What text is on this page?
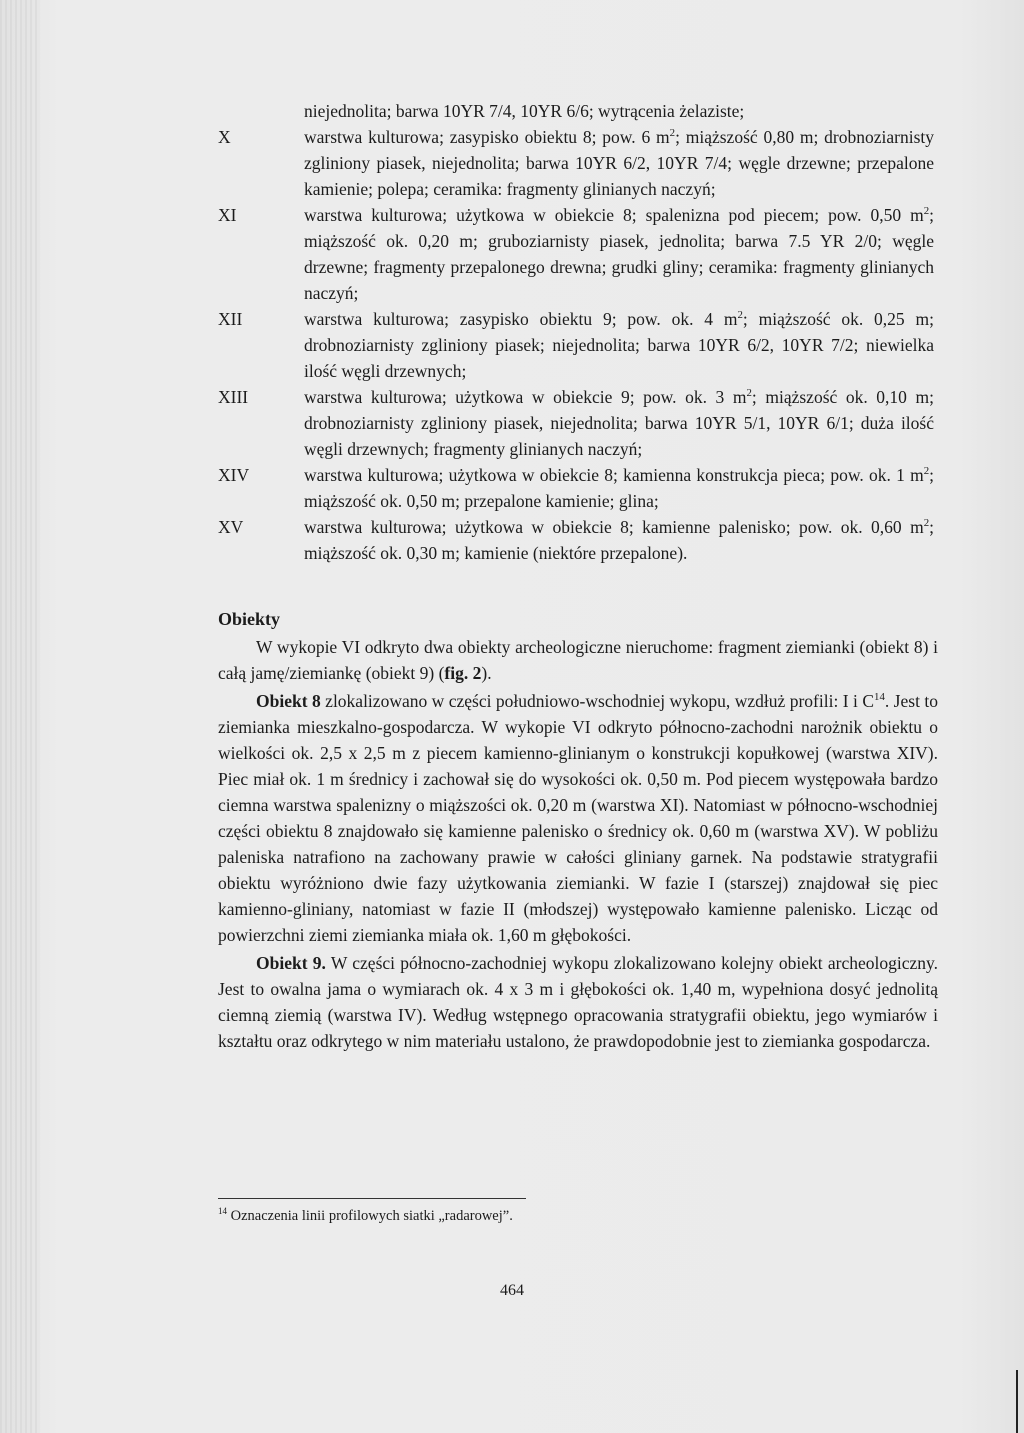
niejednolita; barwa 10YR 7/4, 10YR 6/6; wytrącenia żelaziste;
X	warstwa kulturowa; zasypisko obiektu 8; pow. 6 $m^2$; miąższość 0,80 m; drobnoziarnisty zgliniony piasek, niejednolita; barwa 10YR 6/2, 10YR 7/4; węgle drzewne; przepalone kamienie; polepa; ceramika: fragmenty glinianych naczyń;
XI	warstwa kulturowa; użytkowa w obiekcie 8; spalenizna pod piecem; pow. 0,50 $m^2$; miąższość ok. 0,20 m; gruboziarnisty piasek, jednolita; barwa 7.5 YR 2/0; węgle drzewne; fragmenty przepalonego drewna; grudki gliny; ceramika: fragmenty glinianych naczyń;
XII	warstwa kulturowa; zasypisko obiektu 9; pow. ok. 4 $m^2$; miąższość ok. 0,25 m; drobnoziarnisty zgliniony piasek; niejednolita; barwa 10YR 6/2, 10YR 7/2; niewielka ilość węgli drzewnych;
XIII	warstwa kulturowa; użytkowa w obiekcie 9; pow. ok. 3 $m^2$; miąższość ok. 0,10 m; drobnoziarnisty zgliniony piasek, niejednolita; barwa 10YR 5/1, 10YR 6/1; duża ilość węgli drzewnych; fragmenty glinianych naczyń;
XIV	warstwa kulturowa; użytkowa w obiekcie 8; kamienna konstrukcja pieca; pow. ok. 1 $m^2$; miąższość ok. 0,50 m; przepalone kamienie; glina;
XV	warstwa kulturowa; użytkowa w obiekcie 8; kamienne palenisko; pow. ok. 0,60 $m^2$; miąższość ok. 0,30 m; kamienie (niektóre przepalone).
Obiekty

W wykopie VI odkryto dwa obiekty archeologiczne nieruchome: fragment ziemianki (obiekt 8) i całą jamę/ziemiankę (obiekt 9) (fig. 2).

Obiekt 8 zlokalizowano w części południowo-wschodniej wykopu, wzdłuż profili: I i $C^{14}$. Jest to ziemianka mieszkalno-gospodarcza. W wykopie VI odkryto północno-zachodni narożnik obiektu o wielkości ok. 2,5 x 2,5 m z piecem kamienno-glinianym o konstrukcji kopułkowej (warstwa XIV). Piec miał ok. 1 m średnicy i zachował się do wysokości ok. 0,50 m. Pod piecem występowała bardzo ciemna warstwa spalenizny o miąższości ok. 0,20 m (warstwa XI). Natomiast w północno-wschodniej części obiektu 8 znajdowało się kamienne palenisko o średnicy ok. 0,60 m (warstwa XV). W pobliżu paleniska natrafiono na zachowany prawie w całości gliniany garnek. Na podstawie stratygrafii obiektu wyróżniono dwie fazy użytkowania ziemianki. W fazie I (starszej) znajdował się piec kamienno-gliniany, natomiast w fazie II (młodszej) występowało kamienne palenisko. Licząc od powierzchni ziemi ziemianka miała ok. 1,60 m głębokości.

Obiekt 9. W części północno-zachodniej wykopu zlokalizowano kolejny obiekt archeologiczny. Jest to owalna jama o wymiarach ok. 4 x 3 m i głębokości ok. 1,40 m, wypełniona dosyć jednolitą ciemną ziemią (warstwa IV). Według wstępnego opracowania stratygrafii obiektu, jego wymiarów i kształtu oraz odkrytego w nim materiału ustalono, że prawdopodobnie jest to ziemianka gospodarcza.

$^{14}$ Oznaczenia linii profilowych siatki „radarowej”.
464
